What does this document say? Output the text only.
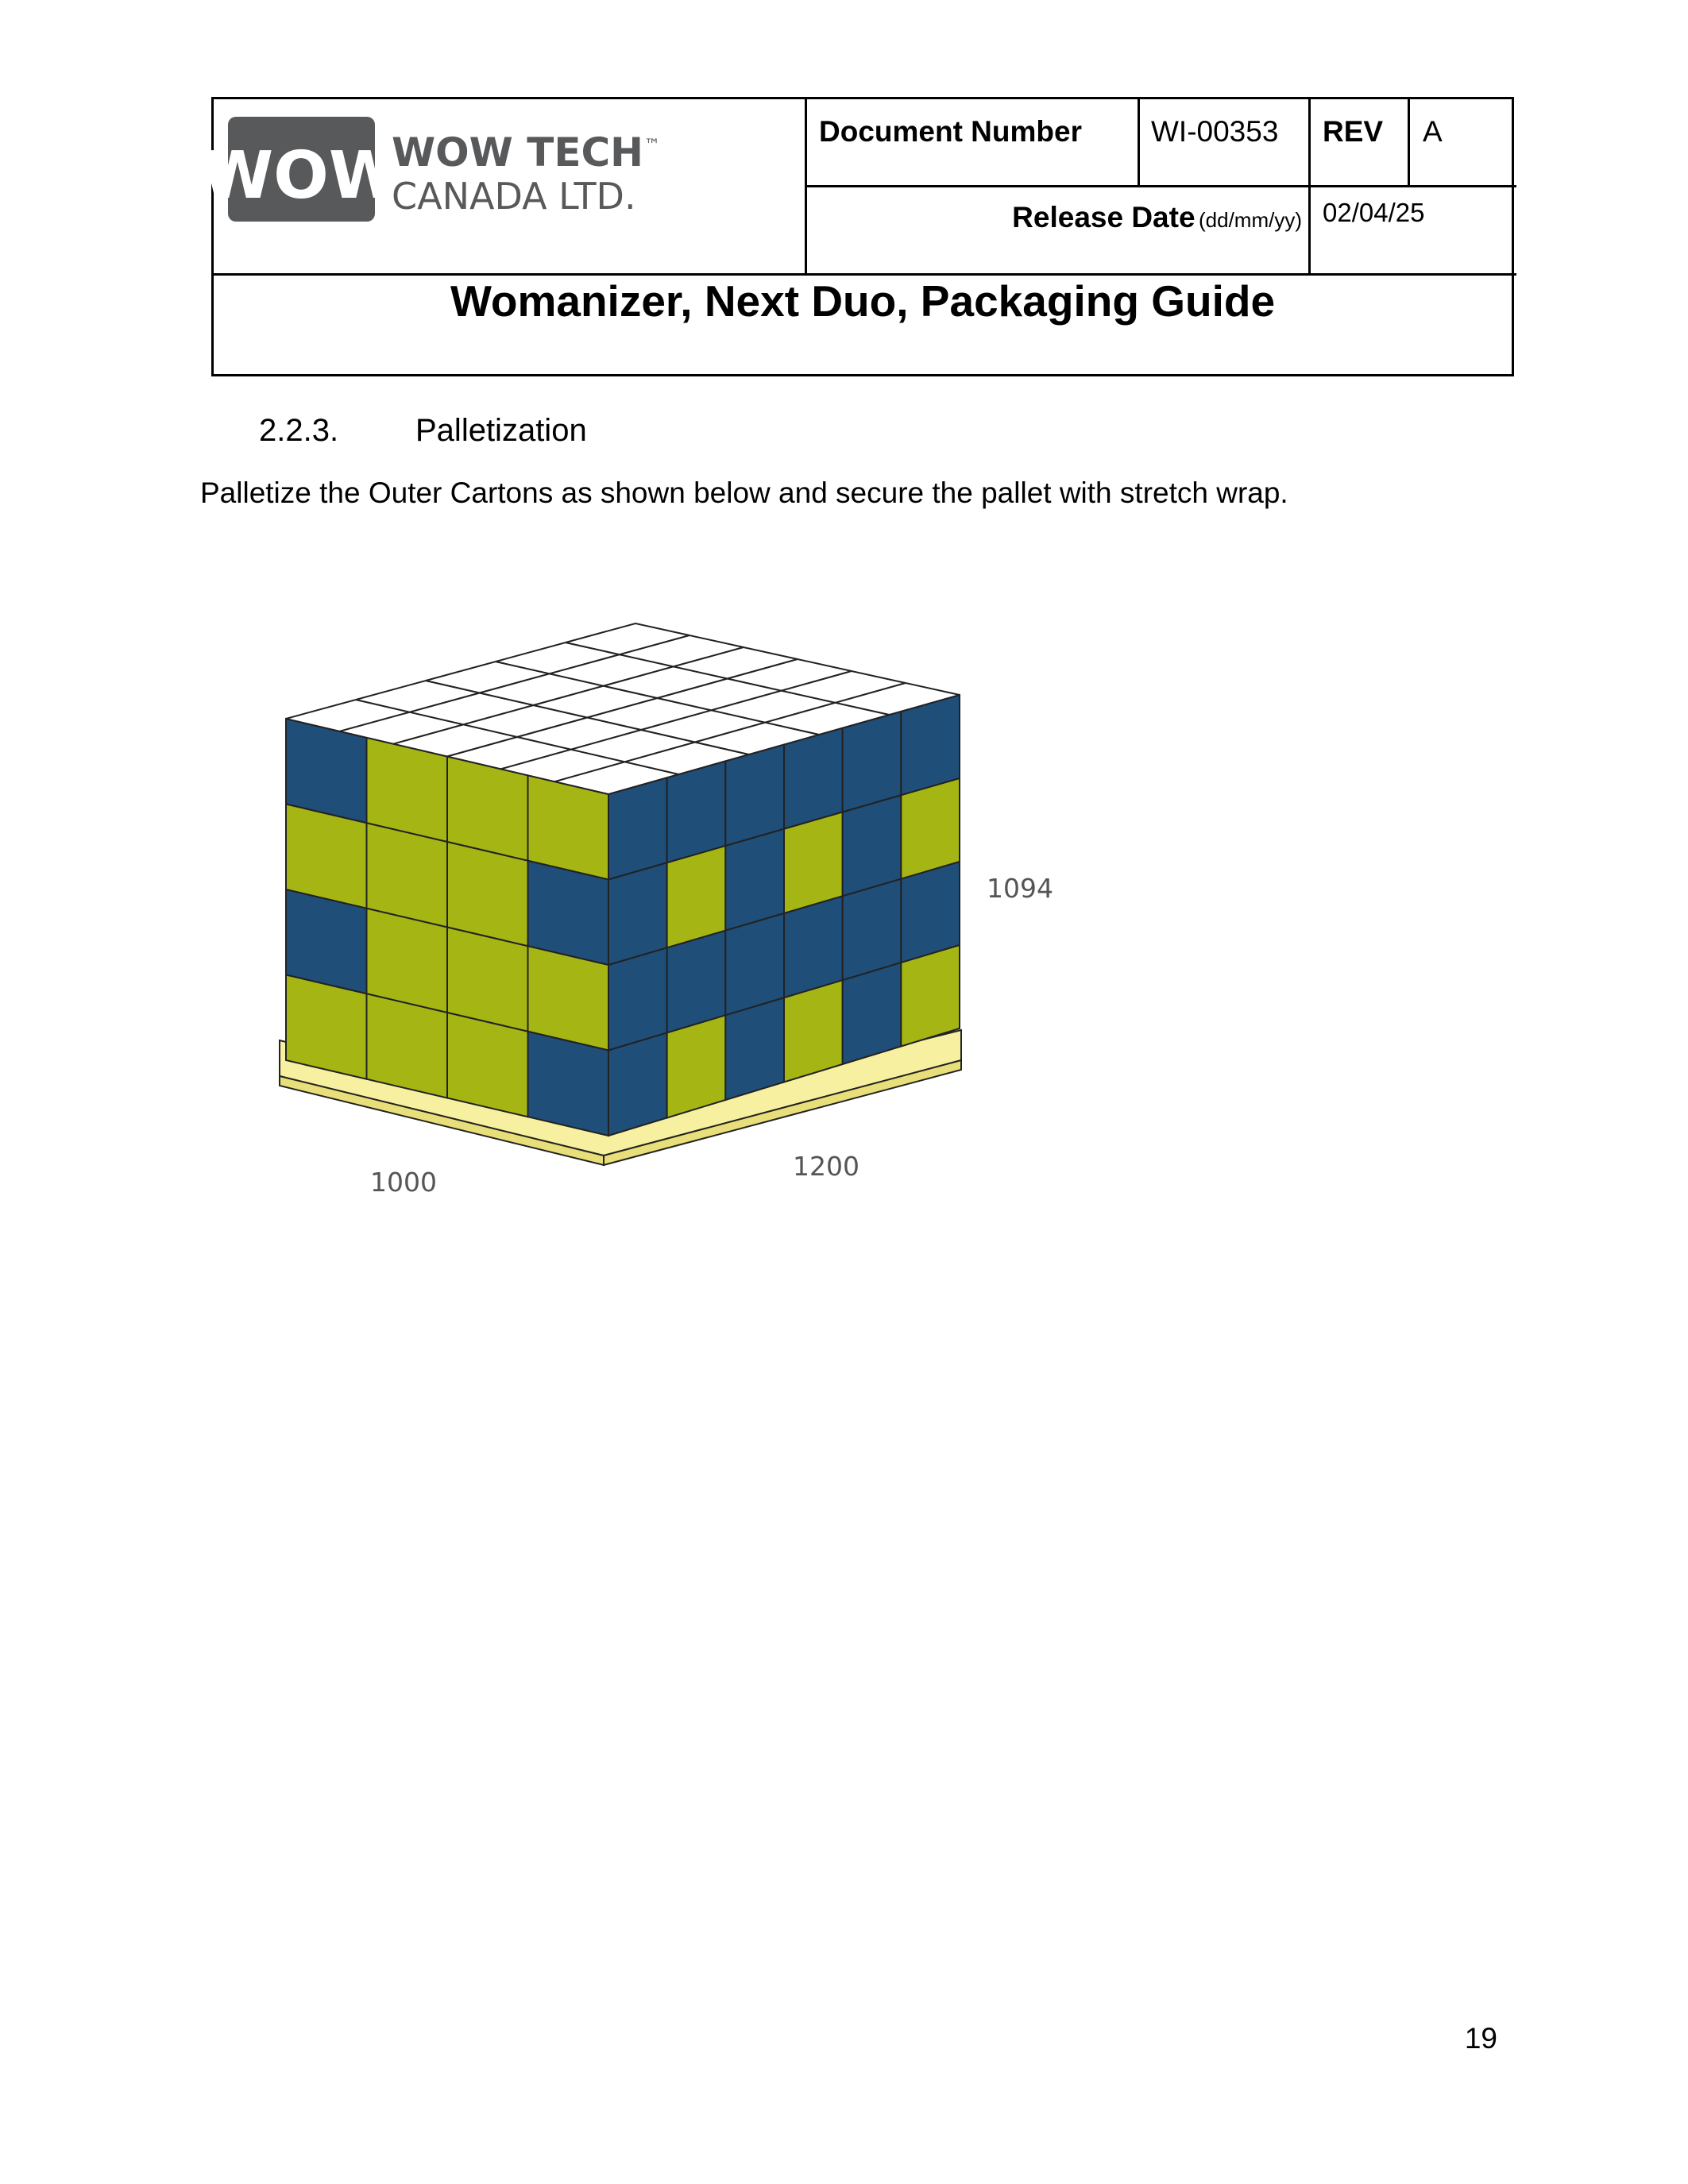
WOW
WOW TECH ™
CANADA LTD.
Document Number WI-00353 REV A
Release Date (dd/mm/yy) 02/04/25
Womanizer, Next Duo, Packaging Guide
2.2.3. Palletization
Palletize the Outer Cartons as shown below and secure the pallet with stretch wrap.
1094
1000
1200
19
